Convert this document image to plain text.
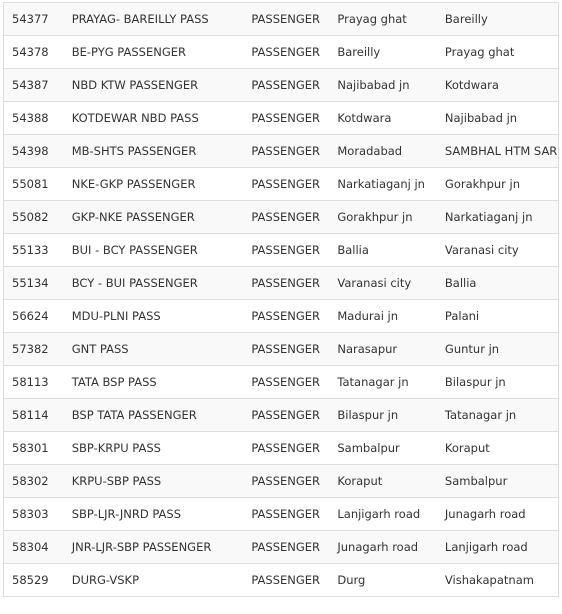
54377	PRAYAG- BAREILLY PASS	PASSENGER	Prayag ghat	Bareilly
54378	BE-PYG PASSENGER	PASSENGER	Bareilly	Prayag ghat
54387	NBD KTW PASSENGER	PASSENGER	Najibabad jn	Kotdwara
54388	KOTDEWAR NBD PASS	PASSENGER	Kotdwara	Najibabad jn
54398	MB-SHTS PASSENGER	PASSENGER	Moradabad	SAMBHAL HTM SAR
55081	NKE-GKP PASSENGER	PASSENGER	Narkatiaganj jn	Gorakhpur jn
55082	GKP-NKE PASSENGER	PASSENGER	Gorakhpur jn	Narkatiaganj jn
55133	BUI - BCY PASSENGER	PASSENGER	Ballia	Varanasi city
55134	BCY - BUI PASSENGER	PASSENGER	Varanasi city	Ballia
56624	MDU-PLNI PASS	PASSENGER	Madurai jn	Palani
57382	GNT PASS	PASSENGER	Narasapur	Guntur jn
58113	TATA BSP PASS	PASSENGER	Tatanagar jn	Bilaspur jn
58114	BSP TATA PASSENGER	PASSENGER	Bilaspur jn	Tatanagar jn
58301	SBP-KRPU PASS	PASSENGER	Sambalpur	Koraput
58302	KRPU-SBP PASS	PASSENGER	Koraput	Sambalpur
58303	SBP-LJR-JNRD PASS	PASSENGER	Lanjigarh road	Junagarh road
58304	JNR-LJR-SBP PASSENGER	PASSENGER	Junagarh road	Lanjigarh road
58529	DURG-VSKP	PASSENGER	Durg	Vishakapatnam
